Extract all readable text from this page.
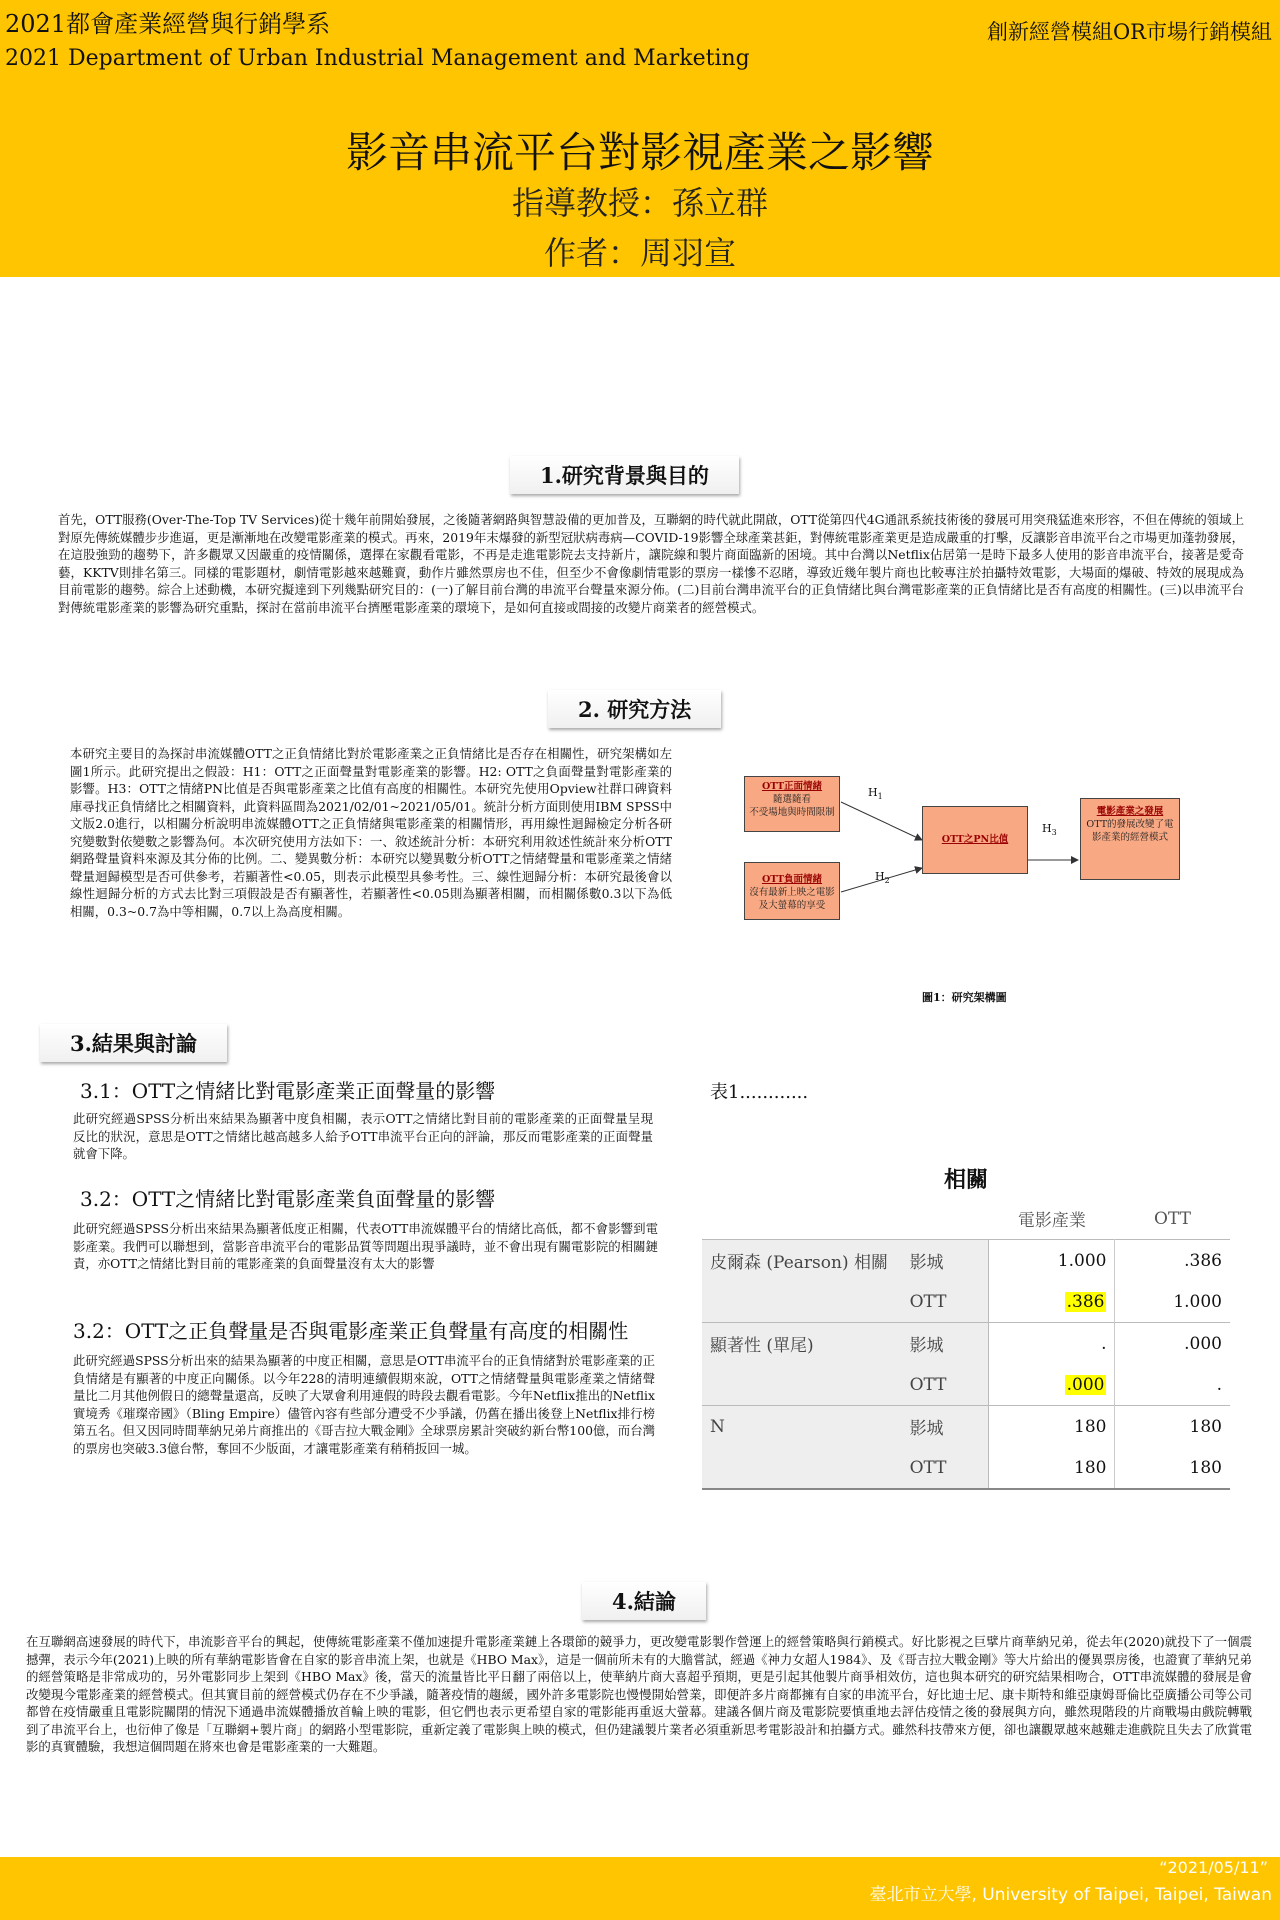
2021都會產業經營與行銷學系
2021 Department of Urban Industrial Management and Marketing
創新經營模組OR市場行銷模組
影音串流平台對影視產業之影響
指導教授：孫立群
作者：周羽宣
1.研究背景與目的
首先，OTT服務(Over-The-Top TV Services)從十幾年前開始發展，之後隨著網路與智慧設備的更加普及，互聯網的時代就此開啟，OTT從第四代4G通訊系統技術後的發展可用突飛猛進來形容，不但在傳統的領域上對原先傳統媒體步步進逼，更是漸漸地在改變電影產業的模式。再來，2019年末爆發的新型冠狀病毒病—COVID-19影響全球產業甚鉅，對傳統電影產業更是造成嚴重的打擊，反讓影音串流平台之市場更加蓬勃發展，在這股強勁的趨勢下，許多觀眾又因嚴重的疫情關係，選擇在家觀看電影，不再是走進電影院去支持新片，讓院線和製片商面臨新的困境。其中台灣以Netflix佔居第一是時下最多人使用的影音串流平台，接著是愛奇藝，KKTV則排名第三。同樣的電影題材，劇情電影越來越難賣，動作片雖然票房也不佳，但至少不會像劇情電影的票房一樣慘不忍睹，導致近幾年製片商也比較專注於拍攝特效電影，大場面的爆破、特效的展現成為目前電影的趨勢。綜合上述動機，本研究擬達到下列幾點研究目的：(一)了解目前台灣的串流平台聲量來源分佈。(二)目前台灣串流平台的正負情緒比與台灣電影產業的正負情緒比是否有高度的相關性。(三)以串流平台對傳統電影產業的影響為研究重點，探討在當前串流平台擠壓電影產業的環境下，是如何直接或間接的改變片商業者的經營模式。
2. 研究方法
本研究主要目的為探討串流媒體OTT之正負情緒比對於電影產業之正負情緒比是否存在相關性，研究架構如左圖1所示。此研究提出之假設：H1：OTT之正面聲量對電影產業的影響。H2: OTT之負面聲量對電影產業的影響。H3：OTT之情緒PN比值是否與電影產業之比值有高度的相關性。本研究先使用Opview社群口碑資料庫尋找正負情緒比之相關資料，此資料區間為2021/02/01~2021/05/01。統計分析方面則使用IBM SPSS中文版2.0進行，以相關分析說明串流媒體OTT之正負情緒與電影產業的相關情形，再用線性迴歸檢定分析各研究變數對依變數之影響為何。本次研究使用方法如下：一、敘述統計分析：本研究利用敘述性統計來分析OTT網路聲量資料來源及其分佈的比例。二、變異數分析：本研究以變異數分析OTT之情緒聲量和電影產業之情緒聲量迴歸模型是否可供參考，若顯著性<0.05，則表示此模型具參考性。三、線性迴歸分析：本研究最後會以線性迴歸分析的方式去比對三項假設是否有顯著性，若顯著性<0.05則為顯著相關，而相關係數0.3以下為低相關，0.3~0.7為中等相關，0.7以上為高度相關。
OTT正面情緒
隨選隨看
不受場地與時間限制
OTT負面情緒
沒有最新上映之電影
及大螢幕的享受
OTT之PN比值
電影產業之發展
OTT的發展改變了電
影產業的經營模式
$H_1$
$H_2$
$H_3$
圖1：研究架構圖
3.結果與討論
3.1：OTT之情緒比對電影產業正面聲量的影響
此研究經過SPSS分析出來結果為顯著中度負相關，表示OTT之情緒比對目前的電影產業的正面聲量呈現反比的狀況，意思是OTT之情緒比越高越多人給予OTT串流平台正向的評論，那反而電影產業的正面聲量就會下降。
3.2：OTT之情緒比對電影產業負面聲量的影響
此研究經過SPSS分析出來結果為顯著低度正相關，代表OTT串流媒體平台的情緒比高低，都不會影響到電影產業。我們可以聯想到，當影音串流平台的電影品質等問題出現爭議時，並不會出現有關電影院的相關鏈責，亦OTT之情緒比對目前的電影產業的負面聲量沒有太大的影響
3.2：OTT之正負聲量是否與電影產業正負聲量有高度的相關性
此研究經過SPSS分析出來的結果為顯著的中度正相關，意思是OTT串流平台的正負情緒對於電影產業的正負情緒是有顯著的中度正向關係。以今年228的清明連續假期來說，OTT之情緒聲量與電影產業之情緒聲量比二月其他例假日的總聲量還高，反映了大眾會利用連假的時段去觀看電影。今年Netflix推出的Netflix實境秀《璀璨帝國》（Bling Empire）儘管內容有些部分遭受不少爭議，仍舊在播出後登上Netflix排行榜第五名。但又因同時間華納兄弟片商推出的《哥吉拉大戰金剛》全球票房累計突破約新台幣100億，而台灣的票房也突破3.3億台幣，奪回不少版面，才讓電影產業有稍稍扳回一城。
表1............
相關
		電影產業	OTT
皮爾森 (Pearson) 相關	影城	1.000	.386
	OTT	.386	1.000
顯著性 (單尾)	影城	.	.000
	OTT	.000	.
N	影城	180	180
	OTT	180	180
4.結論
在互聯網高速發展的時代下，串流影音平台的興起，使傳統電影產業不僅加速提升電影產業鏈上各環節的競爭力，更改變電影製作營運上的經營策略與行銷模式。好比影視之巨擘片商華納兄弟，從去年(2020)就投下了一個震撼彈，表示今年(2021)上映的所有華納電影皆會在自家的影音串流上架，也就是《HBO Max》，這是一個前所未有的大膽嘗試，經過《神力女超人1984》、及《哥吉拉大戰金剛》等大片給出的優異票房後，也證實了華納兄弟的經營策略是非常成功的，另外電影同步上架到《HBO Max》後，當天的流量皆比平日翻了兩倍以上，使華納片商大喜超乎預期，更是引起其他製片商爭相效仿，這也與本研究的研究結果相吻合，OTT串流媒體的發展是會改變現今電影產業的經營模式。但其實目前的經營模式仍存在不少爭議，隨著疫情的趨緩，國外許多電影院也慢慢開始營業，即便許多片商都擁有自家的串流平台，好比迪士尼、康卡斯特和維亞康姆哥倫比亞廣播公司等公司都曾在疫情嚴重且電影院關閉的情況下通過串流媒體播放首輪上映的電影，但它們也表示更希望自家的電影能再重返大螢幕。建議各個片商及電影院要慎重地去評估疫情之後的發展與方向，雖然現階段的片商戰場由戲院轉戰到了串流平台上，也衍伸了像是「互聯網+製片商」的網路小型電影院，重新定義了電影與上映的模式，但仍建議製片業者必須重新思考電影設計和拍攝方式。雖然科技帶來方便，卻也讓觀眾越來越難走進戲院且失去了欣賞電影的真實體驗，我想這個問題在將來也會是電影產業的一大難題。
“2021/05/11”
臺北市立大學, University of Taipei, Taipei, Taiwan
